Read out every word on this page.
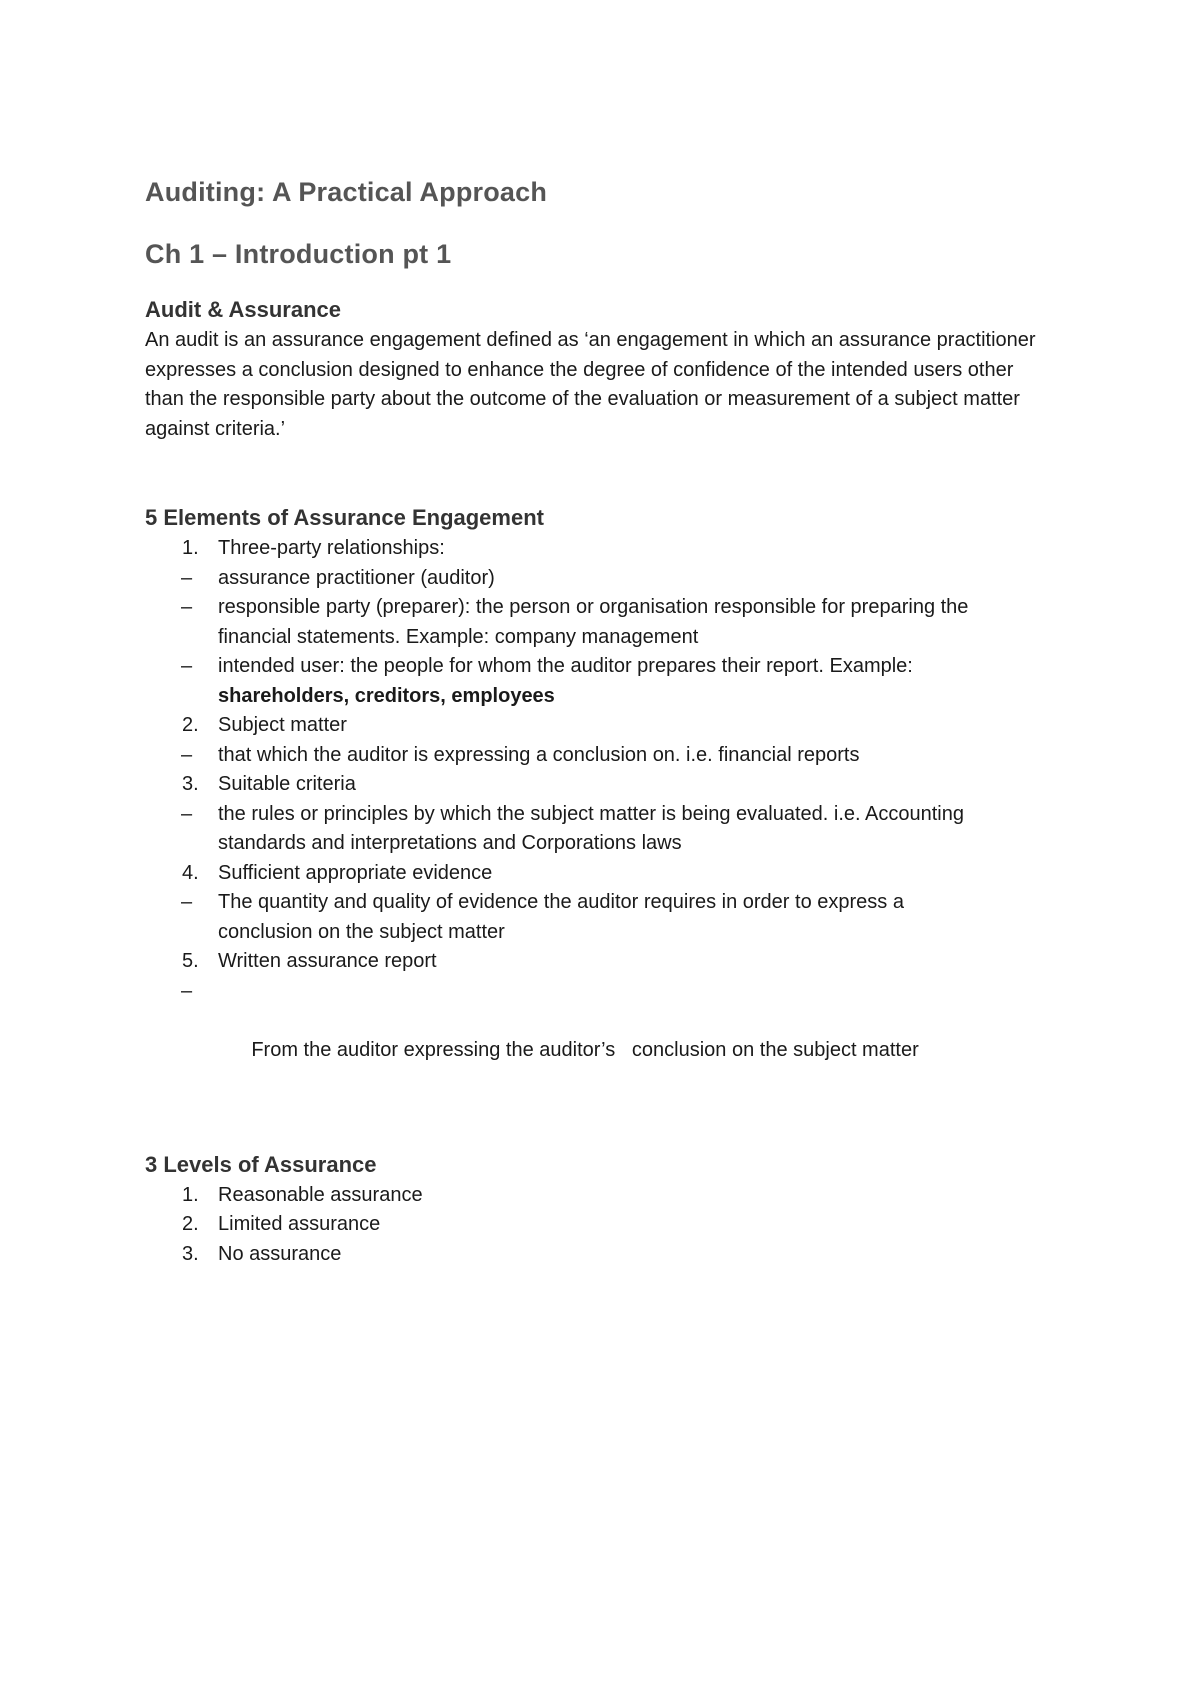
Auditing: A Practical Approach
Ch 1 – Introduction pt 1
Audit & Assurance

An audit is an assurance engagement defined as ‘an engagement in which an assurance practitioner expresses a conclusion designed to enhance the degree of confidence of the intended users other than the responsible party about the outcome of the evaluation or measurement of a subject matter against criteria.’

5 Elements of Assurance Engagement
1. Three-party relationships:
– assurance practitioner (auditor)
– responsible party (preparer): the person or organisation responsible for preparing the financial statements. Example: company management
– intended user: the people for whom the auditor prepares their report. Example: shareholders, creditors, employees
2. Subject matter
– that which the auditor is expressing a conclusion on. i.e. financial reports
3. Suitable criteria
– the rules or principles by which the subject matter is being evaluated. i.e. Accounting standards and interpretations and Corporations laws
4. Sufficient appropriate evidence
– The quantity and quality of evidence the auditor requires in order to express a conclusion on the subject matter
5. Written assurance report

–

From the auditor expressing the auditor’s   conclusion on the subject matter

3 Levels of Assurance
1. Reasonable assurance
2. Limited assurance
3. No assurance
